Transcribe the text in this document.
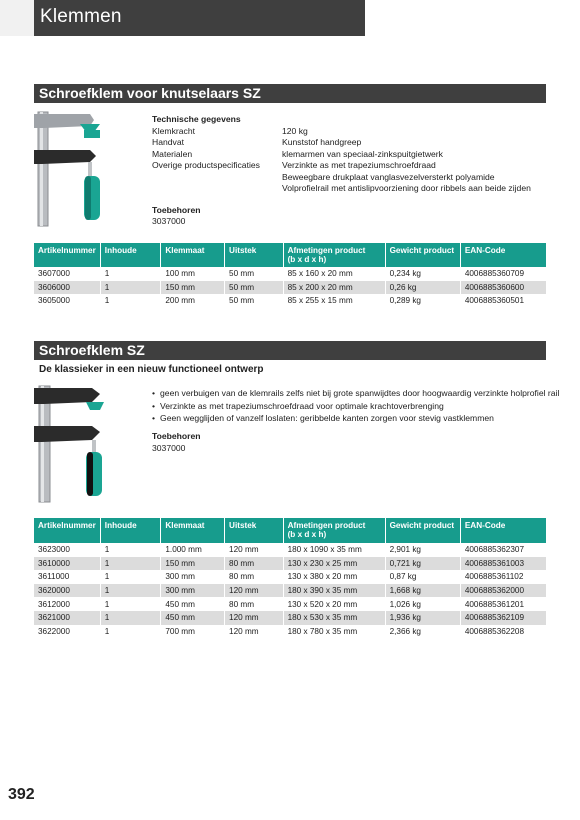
Klemmen
Schroefklem voor knutselaars SZ
Technische gegevens
Klemkracht	120 kg
Handvat	Kunststof handgreep
Materialen	klemarmen van speciaal-zinkspuitgietwerk
Overige productspecificaties	Verzinkte as met trapeziumschroefdraad
Beweegbare drukplaat vanglasvezelversterkt polyamide
Volprofielrail met antislipvoorziening door ribbels aan beide zijden
Toebehoren
3037000
Artikelnummer	Inhoude	Klemmaat	Uitstek	Afmetingen product
(b x d x h)	Gewicht product	EAN-Code
3607000	1	100 mm	50 mm	85 x 160 x 20 mm	0,234 kg	4006885360709
3606000	1	150 mm	50 mm	85 x 200 x 20 mm	0,26 kg	4006885360600
3605000	1	200 mm	50 mm	85 x 255 x 15 mm	0,289 kg	4006885360501
Schroefklem SZ
De klassieker in een nieuw functioneel ontwerp
• geen verbuigen van de klemrails zelfs niet bij grote spanwijdtes door hoogwaardig verzinkte holprofiel rail
• Verzinkte as met trapeziumschroefdraad voor optimale krachtoverbrenging
• Geen wegglijden of vanzelf loslaten: geribbelde kanten zorgen voor stevig vastklemmen
Toebehoren
3037000
Artikelnummer	Inhoude	Klemmaat	Uitstek	Afmetingen product
(b x d x h)	Gewicht product	EAN-Code
3623000	1	1.000 mm	120 mm	180 x 1090 x 35 mm	2,901 kg	4006885362307
3610000	1	150 mm	80 mm	130 x 230 x 25 mm	0,721 kg	4006885361003
3611000	1	300 mm	80 mm	130 x 380 x 20 mm	0,87 kg	4006885361102
3620000	1	300 mm	120 mm	180 x 390 x 35 mm	1,668 kg	4006885362000
3612000	1	450 mm	80 mm	130 x 520 x 20 mm	1,026 kg	4006885361201
3621000	1	450 mm	120 mm	180 x 530 x 35 mm	1,936 kg	4006885362109
3622000	1	700 mm	120 mm	180 x 780 x 35 mm	2,366 kg	4006885362208
392
